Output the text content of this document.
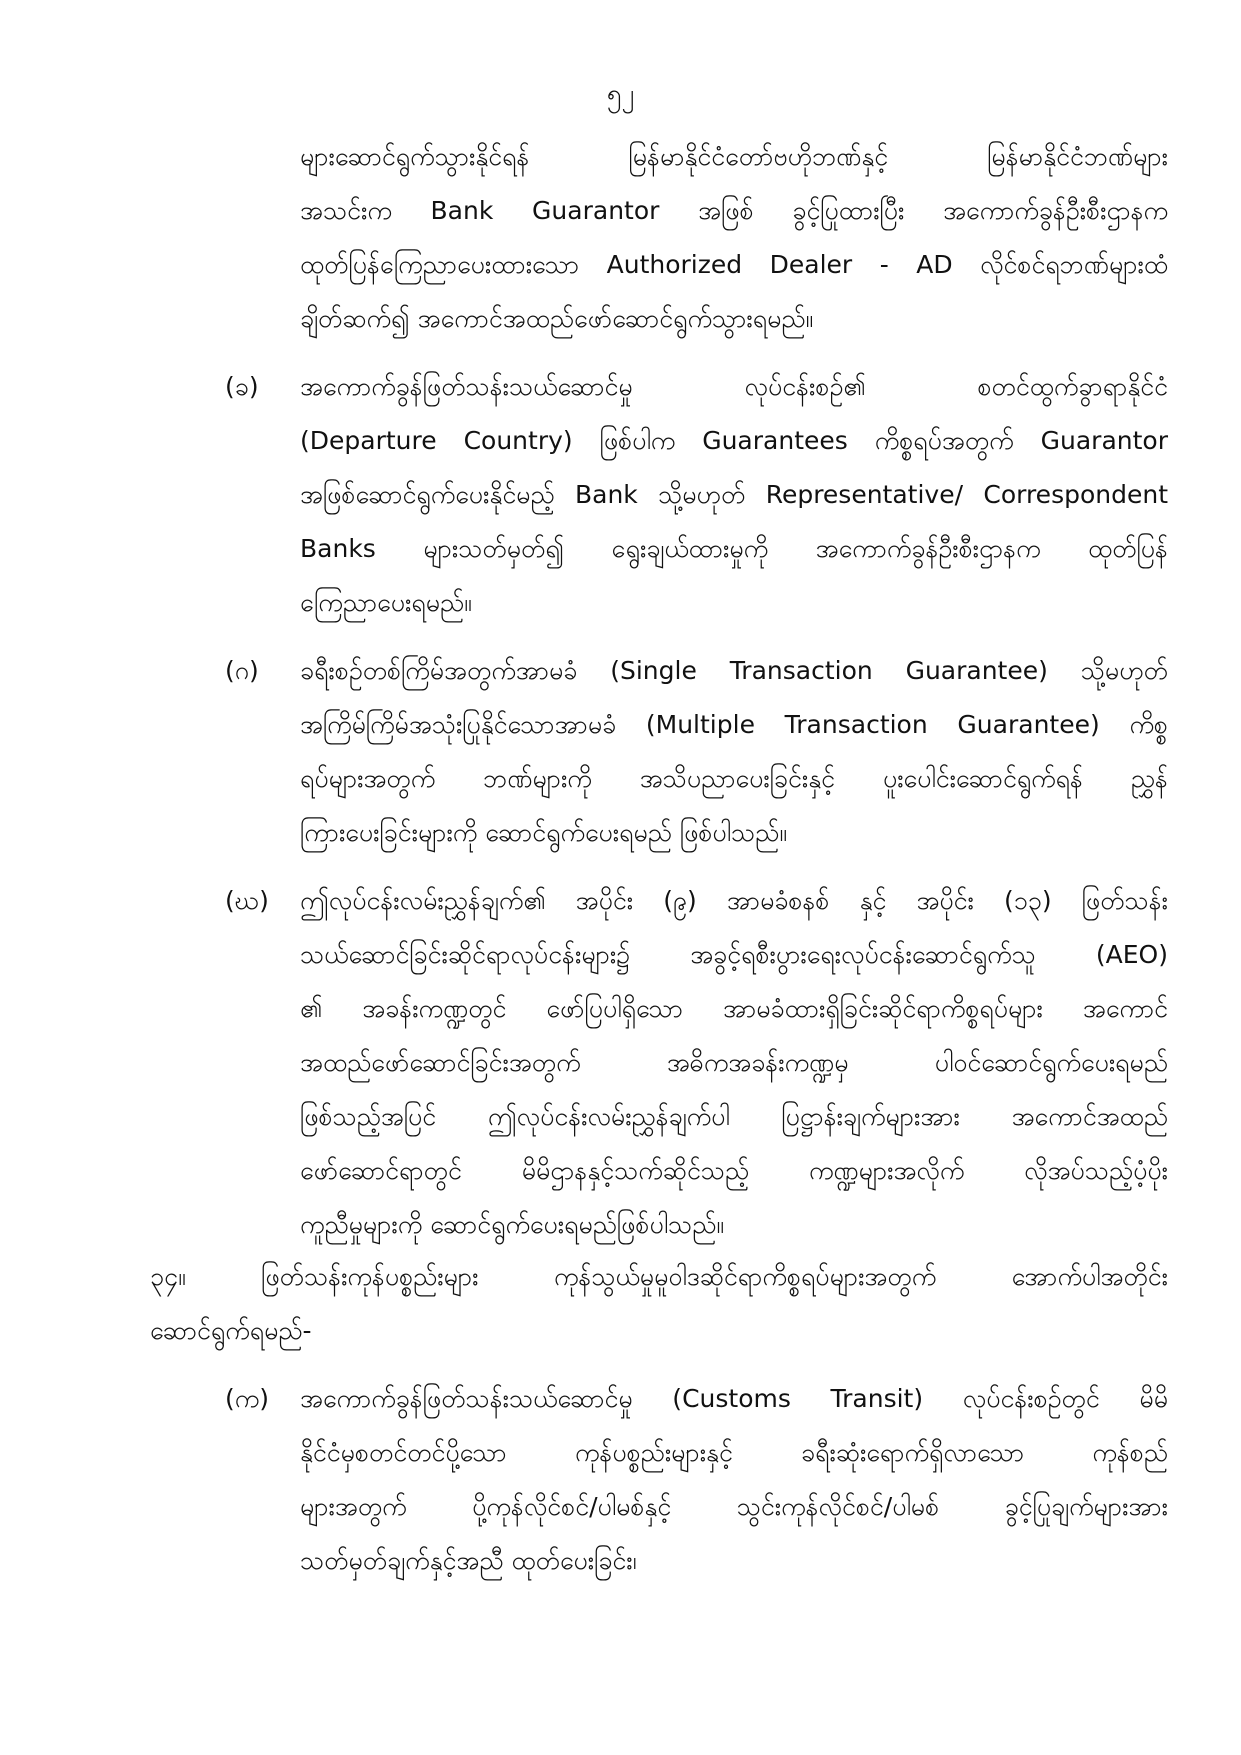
၅၂

များဆောင်ရွက်သွားနိုင်ရန် မြန်မာနိုင်ငံတော်ဗဟိုဘဏ်နှင့် မြန်မာနိုင်ငံဘဏ်များ

အသင်းက Bank Guarantor အဖြစ် ခွင့်ပြုထားပြီး အကောက်ခွန်ဦးစီးဌာနက

ထုတ်ပြန်ကြေညာပေးထားသော Authorized Dealer - AD လိုင်စင်ရဘဏ်များထံ

ချိတ်ဆက်၍ အကောင်အထည်ဖော်ဆောင်ရွက်သွားရမည်။

(ခ) အကောက်ခွန်ဖြတ်သန်းသယ်ဆောင်မှု လုပ်ငန်းစဉ်၏ စတင်ထွက်ခွာရာနိုင်ငံ

(Departure Country) ဖြစ်ပါက Guarantees ကိစ္စရပ်အတွက် Guarantor

အဖြစ်ဆောင်ရွက်ပေးနိုင်မည့် Bank သို့မဟုတ် Representative/ Correspondent

Banks များသတ်မှတ်၍ ရွေးချယ်ထားမှုကို အကောက်ခွန်ဦးစီးဌာနက ထုတ်ပြန်

ကြေညာပေးရမည်။

(ဂ) ခရီးစဉ်တစ်ကြိမ်အတွက်အာမခံ (Single Transaction Guarantee) သို့မဟုတ်

အကြိမ်ကြိမ်အသုံးပြုနိုင်သောအာမခံ (Multiple Transaction Guarantee) ကိစ္စ

ရပ်များအတွက် ဘဏ်များကို အသိပညာပေးခြင်းနှင့် ပူးပေါင်းဆောင်ရွက်ရန် ညွှန်

ကြားပေးခြင်းများကို ဆောင်ရွက်ပေးရမည် ဖြစ်ပါသည်။

(ဃ) ဤလုပ်ငန်းလမ်းညွှန်ချက်၏ အပိုင်း (၉) အာမခံစနစ် နှင့် အပိုင်း (၁၃) ဖြတ်သန်း

သယ်ဆောင်ခြင်းဆိုင်ရာလုပ်ငန်းများ၌ အခွင့်ရစီးပွားရေးလုပ်ငန်းဆောင်ရွက်သူ (AEO)

၏ အခန်းကဏ္ဍတွင် ဖော်ပြပါရှိသော အာမခံထားရှိခြင်းဆိုင်ရာကိစ္စရပ်များ အကောင်

အထည်ဖော်ဆောင်ခြင်းအတွက် အဓိကအခန်းကဏ္ဍမှ ပါဝင်ဆောင်ရွက်ပေးရမည်

ဖြစ်သည့်အပြင် ဤလုပ်ငန်းလမ်းညွှန်ချက်ပါ ပြဋ္ဌာန်းချက်များအား အကောင်အထည်

ဖော်ဆောင်ရာတွင် မိမိဌာနနှင့်သက်ဆိုင်သည့် ကဏ္ဍများအလိုက် လိုအပ်သည့်ပံ့ပိုး

ကူညီမှုများကို ဆောင်ရွက်ပေးရမည်ဖြစ်ပါသည်။

၃၄။ ဖြတ်သန်းကုန်ပစ္စည်းများ ကုန်သွယ်မှုမူဝါဒဆိုင်ရာကိစ္စရပ်များအတွက် အောက်ပါအတိုင်း

ဆောင်ရွက်ရမည်-

(က) အကောက်ခွန်ဖြတ်သန်းသယ်ဆောင်မှု (Customs Transit) လုပ်ငန်းစဉ်တွင် မိမိ

နိုင်ငံမှစတင်တင်ပို့သော ကုန်ပစ္စည်းများနှင့် ခရီးဆုံးရောက်ရှိလာသော ကုန်စည်

များအတွက် ပို့ကုန်လိုင်စင်/ပါမစ်နှင့် သွင်းကုန်လိုင်စင်/ပါမစ် ခွင့်ပြုချက်များအား

သတ်မှတ်ချက်နှင့်အညီ ထုတ်ပေးခြင်း၊
